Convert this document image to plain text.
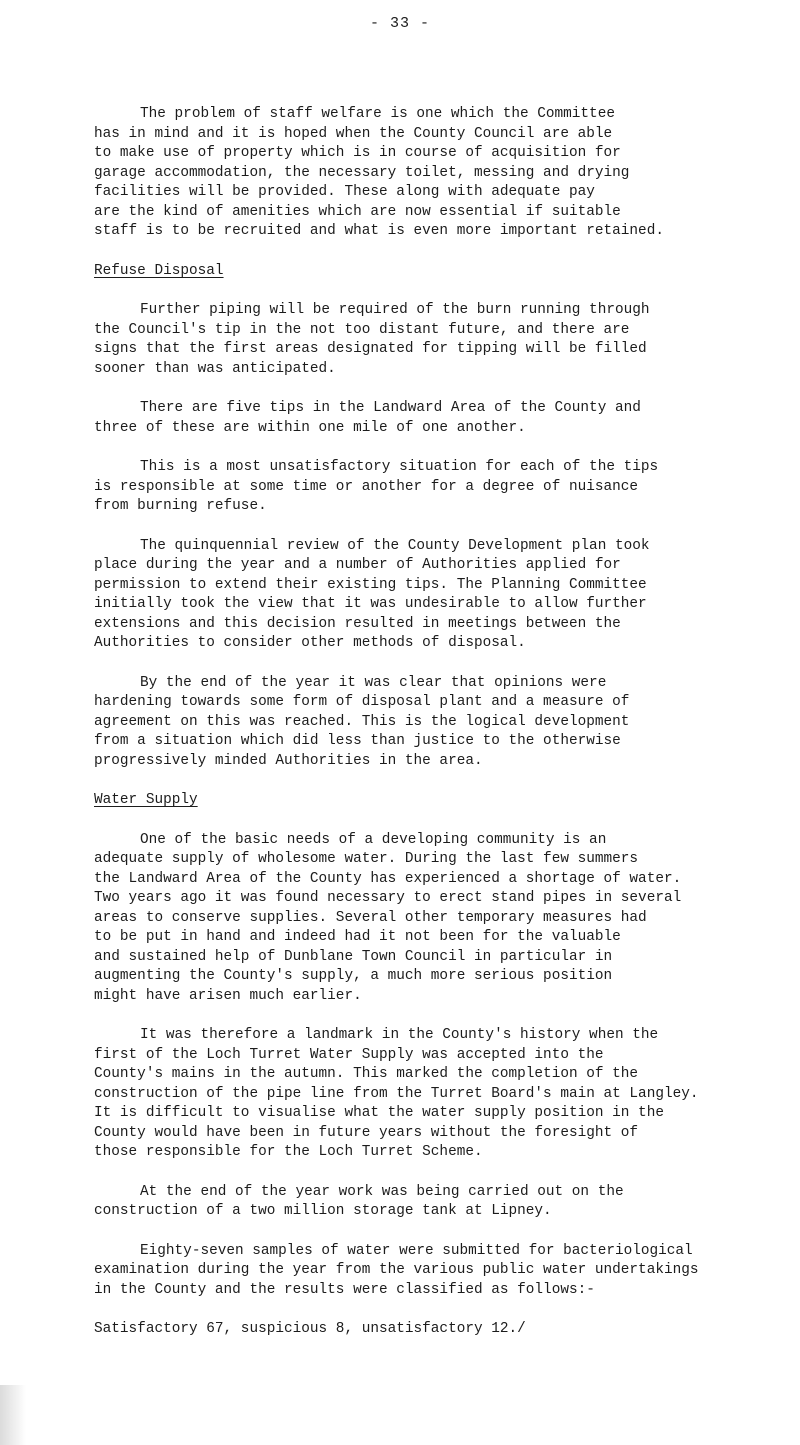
- 33 -

The problem of staff welfare is one which the Committee
has in mind and it is hoped when the County Council are able
to make use of property which is in course of acquisition for
garage accommodation, the necessary toilet, messing and drying
facilities will be provided. These along with adequate pay
are the kind of amenities which are now essential if suitable
staff is to be recruited and what is even more important retained.

Refuse Disposal

Further piping will be required of the burn running through
the Council's tip in the not too distant future, and there are
signs that the first areas designated for tipping will be filled
sooner than was anticipated.

There are five tips in the Landward Area of the County and
three of these are within one mile of one another.

This is a most unsatisfactory situation for each of the tips
is responsible at some time or another for a degree of nuisance
from burning refuse.

The quinquennial review of the County Development plan took
place during the year and a number of Authorities applied for
permission to extend their existing tips. The Planning Committee
initially took the view that it was undesirable to allow further
extensions and this decision resulted in meetings between the
Authorities to consider other methods of disposal.

By the end of the year it was clear that opinions were
hardening towards some form of disposal plant and a measure of
agreement on this was reached. This is the logical development
from a situation which did less than justice to the otherwise
progressively minded Authorities in the area.

Water Supply

One of the basic needs of a developing community is an
adequate supply of wholesome water. During the last few summers
the Landward Area of the County has experienced a shortage of water.
Two years ago it was found necessary to erect stand pipes in several
areas to conserve supplies. Several other temporary measures had
to be put in hand and indeed had it not been for the valuable
and sustained help of Dunblane Town Council in particular in
augmenting the County's supply, a much more serious position
might have arisen much earlier.

It was therefore a landmark in the County's history when the
first of the Loch Turret Water Supply was accepted into the
County's mains in the autumn. This marked the completion of the
construction of the pipe line from the Turret Board's main at Langley.
It is difficult to visualise what the water supply position in the
County would have been in future years without the foresight of
those responsible for the Loch Turret Scheme.

At the end of the year work was being carried out on the
construction of a two million storage tank at Lipney.

Eighty-seven samples of water were submitted for bacteriological
examination during the year from the various public water undertakings
in the County and the results were classified as follows:-

Satisfactory 67, suspicious 8, unsatisfactory 12./
